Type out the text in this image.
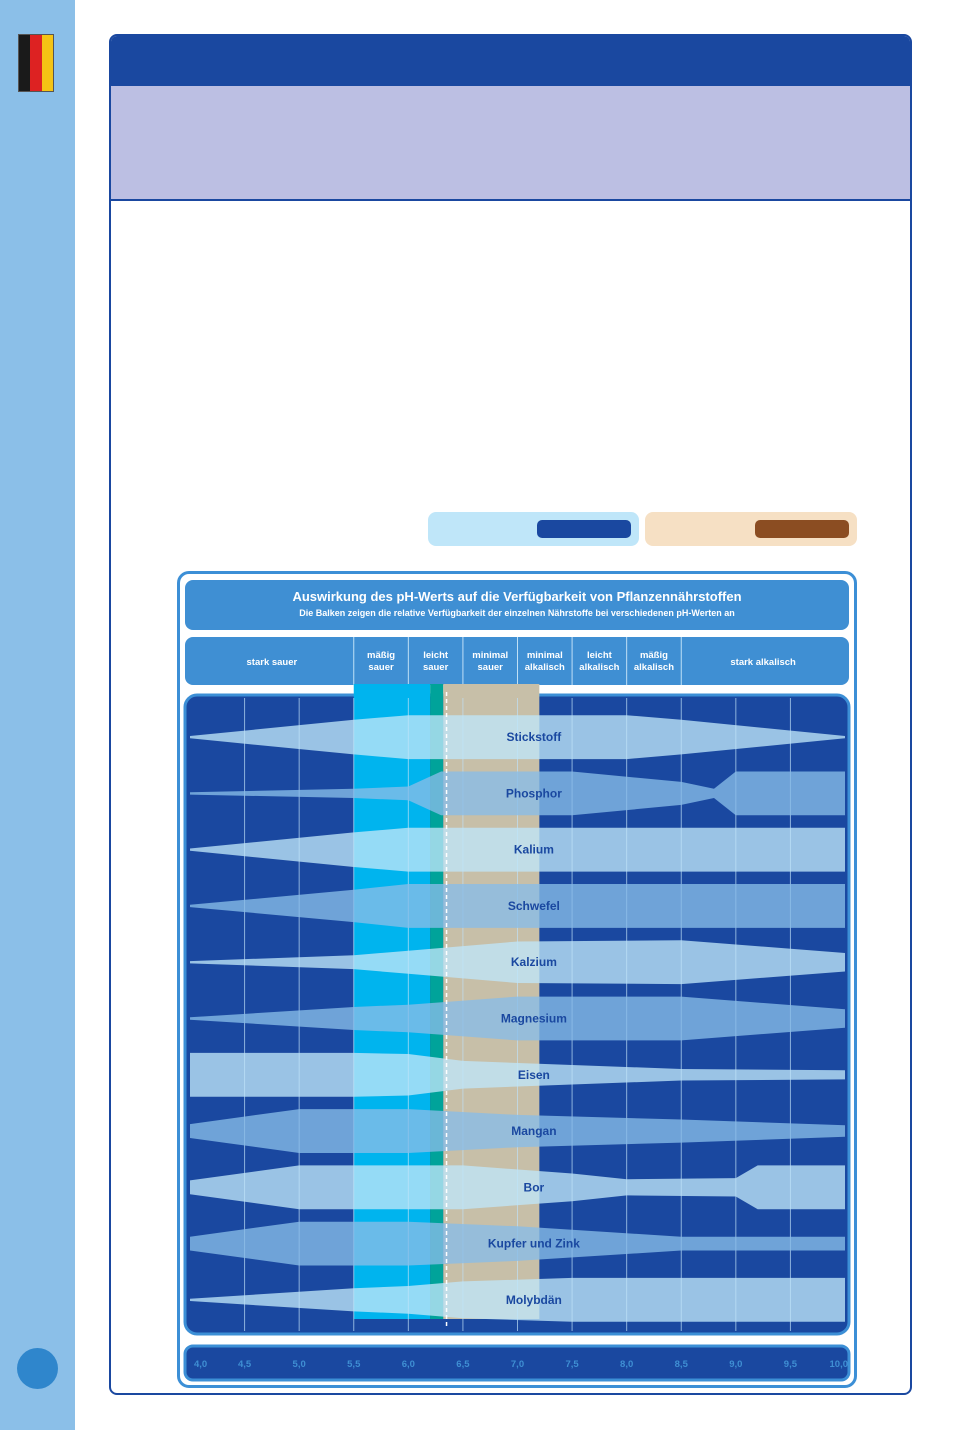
Auswirkung des pH-Werts auf die Verfügbarkeit von Pflanzennährstoffen
Die Balken zeigen die relative Verfügbarkeit der einzelnen Nährstoffe bei verschiedenen pH-Werten an
stark sauer
mäßig sauer
leicht sauer
minimal sauer
minimal alkalisch
leicht alkalisch
mäßig alkalisch	stark alkalisch
Stickstoff
Phosphor
Kalium
Schwefel
Kalzium
Magnesium
Eisen
Mangan
Bor
Kupfer und Zink
Molybdän
4,0	4,5	5,0	5,5	6,0	6,5	7,0	7,5	8,0	8,5	9,0	9,5	10,0
